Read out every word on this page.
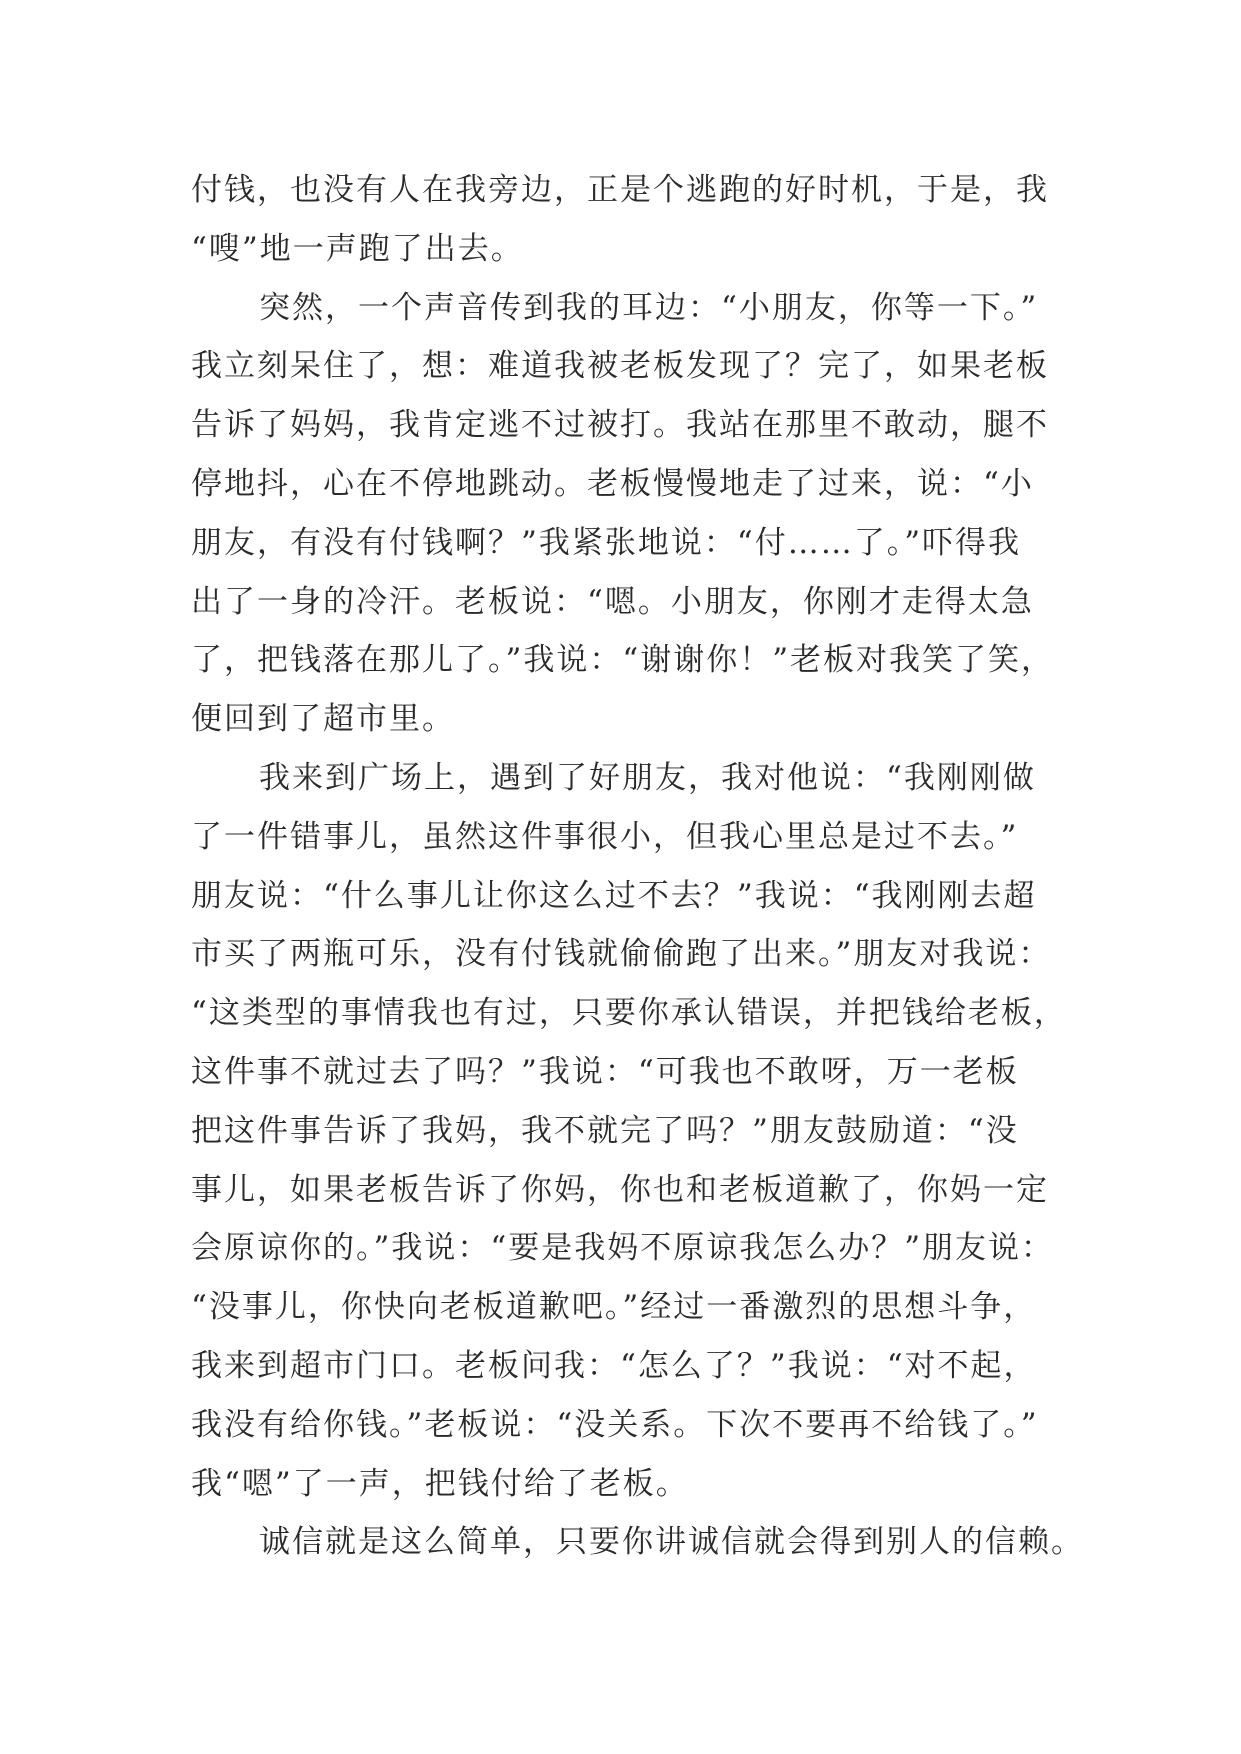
付钱，也没有人在我旁边，正是个逃跑的好时机，于是，我
“嗖”地一声跑了出去。

突然，一个声音传到我的耳边：“小朋友，你等一下。”
我立刻呆住了，想：难道我被老板发现了？完了，如果老板
告诉了妈妈，我肯定逃不过被打。我站在那里不敢动，腿不
停地抖，心在不停地跳动。老板慢慢地走了过来，说：“小
朋友，有没有付钱啊？”我紧张地说：“付……了。”吓得我
出了一身的冷汗。老板说：“嗯。小朋友，你刚才走得太急
了，把钱落在那儿了。”我说：“谢谢你！”老板对我笑了笑，
便回到了超市里。

我来到广场上，遇到了好朋友，我对他说：“我刚刚做
了一件错事儿，虽然这件事很小，但我心里总是过不去。”
朋友说：“什么事儿让你这么过不去？”我说：“我刚刚去超
市买了两瓶可乐，没有付钱就偷偷跑了出来。”朋友对我说：
“这类型的事情我也有过，只要你承认错误，并把钱给老板，
这件事不就过去了吗？”我说：“可我也不敢呀，万一老板
把这件事告诉了我妈，我不就完了吗？”朋友鼓励道：“没
事儿，如果老板告诉了你妈，你也和老板道歉了，你妈一定
会原谅你的。”我说：“要是我妈不原谅我怎么办？”朋友说：
“没事儿，你快向老板道歉吧。”经过一番激烈的思想斗争，
我来到超市门口。老板问我：“怎么了？”我说：“对不起，
我没有给你钱。”老板说：“没关系。下次不要再不给钱了。”
我“嗯”了一声，把钱付给了老板。

诚信就是这么简单，只要你讲诚信就会得到别人的信赖。
